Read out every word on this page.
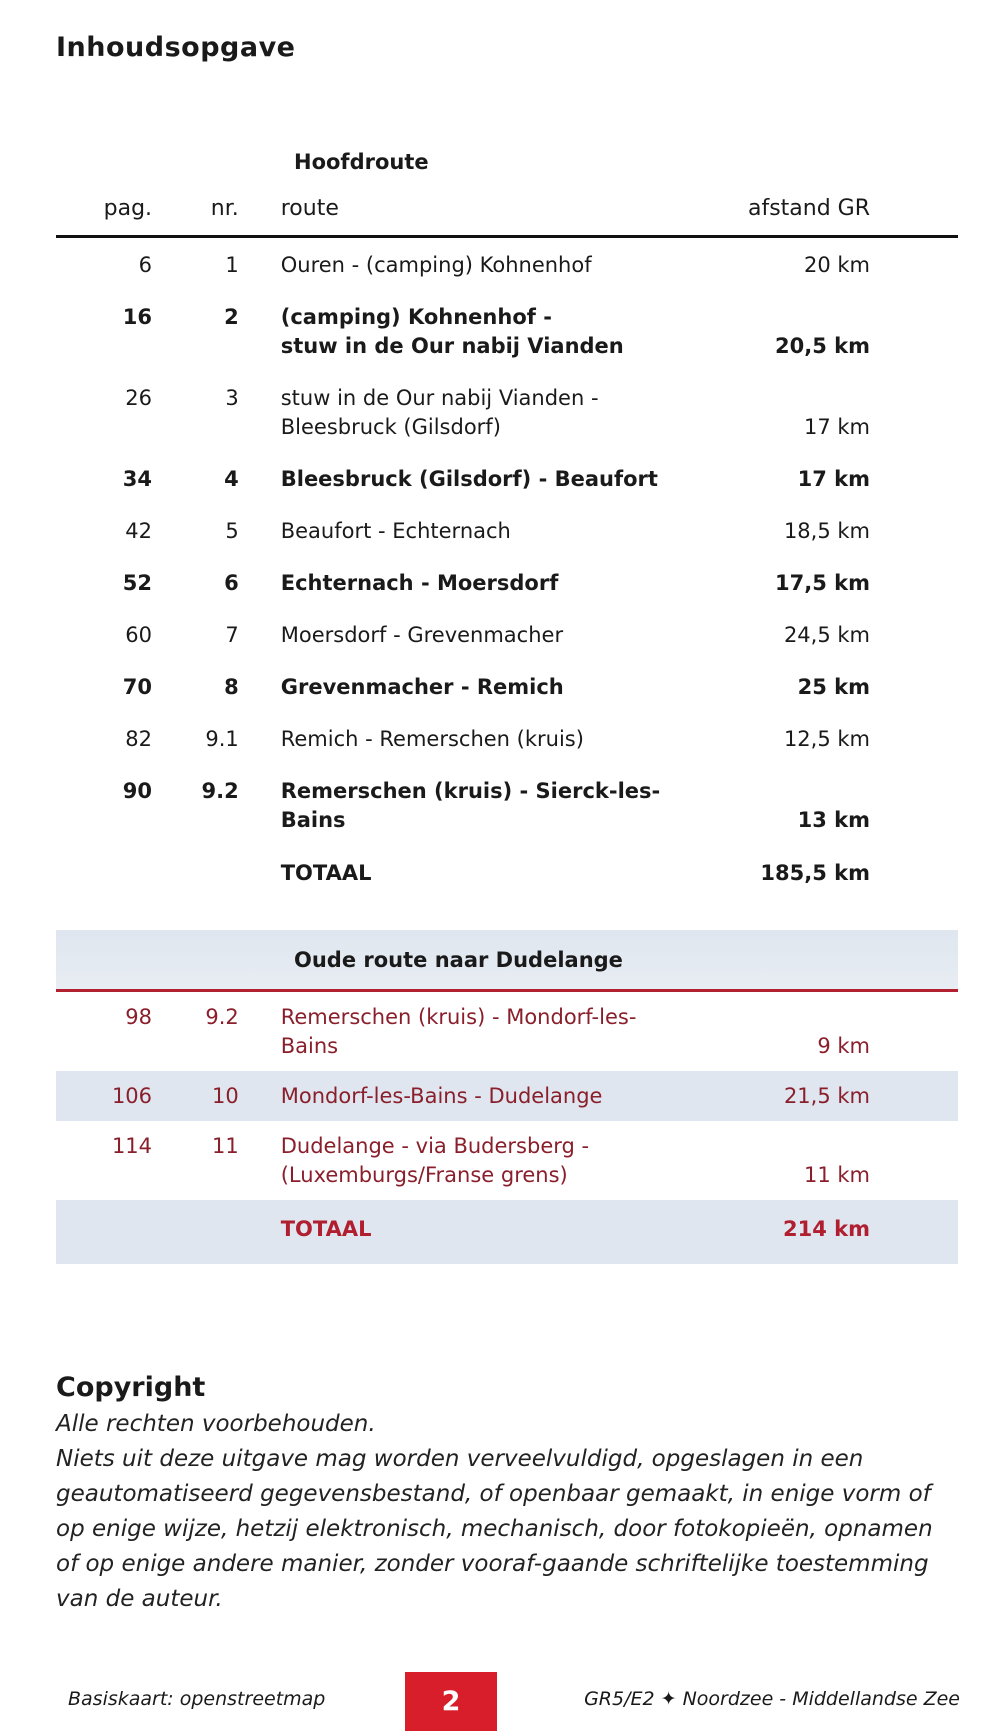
Inhoudsopgave
Hoofdroute
pag.	nr. route	afstand GR
6	1 Ouren - (camping) Kohnenhof	20 km
16	2 (camping) Kohnenhof -
stuw in de Our nabij Vianden	20,5 km
26	3 stuw in de Our nabij Vianden -
Bleesbruck (Gilsdorf)	17 km
34	4 Bleesbruck (Gilsdorf) - Beaufort	17 km
42	5 Beaufort - Echternach	18,5 km
52	6 Echternach - Moersdorf	17,5 km
60	7 Moersdorf - Grevenmacher	24,5 km
70	8 Grevenmacher - Remich	25 km
82	9.1 Remich - Remerschen (kruis)	12,5 km
90	9.2 Remerschen (kruis) - Sierck-les-Bains	13 km
TOTAAL	185,5 km
Oude route naar Dudelange
98	9.2 Remerschen (kruis) - Mondorf-les-Bains	9 km
106	10 Mondorf-les-Bains - Dudelange	21,5 km
114	11 Dudelange - via Budersberg -
(Luxemburgs/Franse grens)	11 km
TOTAAL	214 km
Copyright

Alle rechten voorbehouden.

Niets uit deze uitgave mag worden verveelvuldigd, opgeslagen in een geautomatiseerd gegevensbestand, of openbaar gemaakt, in enige vorm of op enige wijze, hetzij elektronisch, mechanisch, door fotokopieën, opnamen of op enige andere manier, zonder vooraf-gaande schriftelijke toestemming van de auteur.

Basiskaart: openstreetmap	2	GR5/E2 ✦ Noordzee - Middellandse Zee
